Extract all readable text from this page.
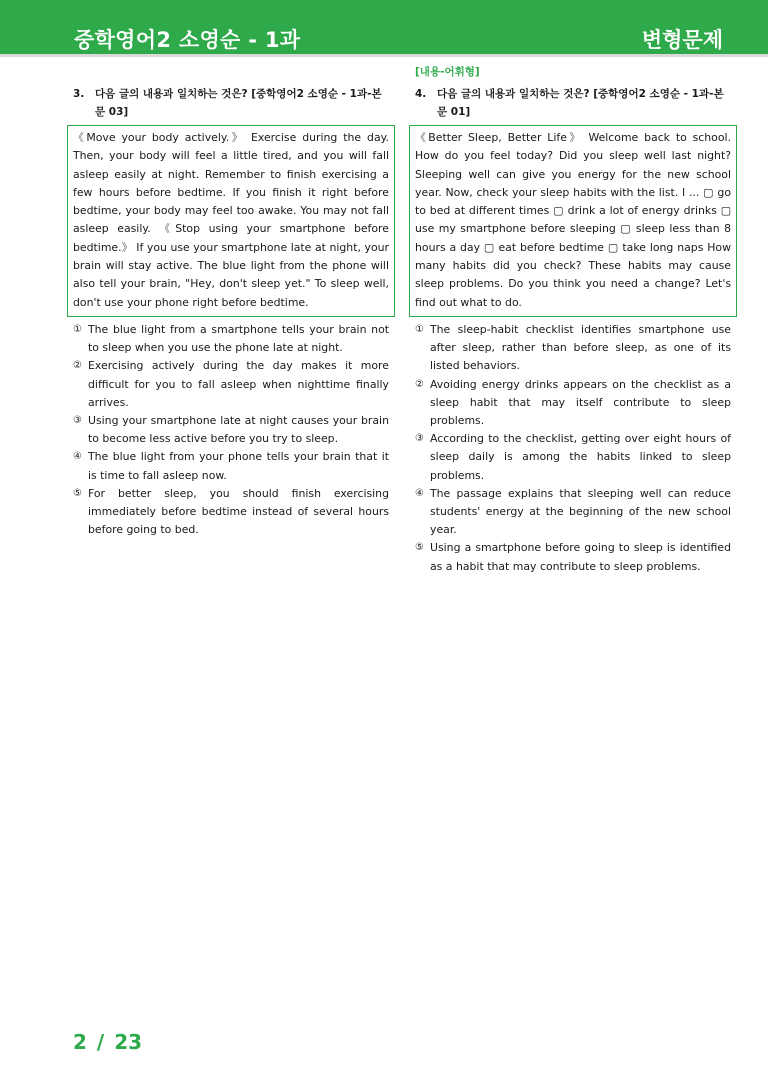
중학영어2 소영순 - 1과	변형문제
3.	다음 글의 내용과 일치하는 것은? [중학영어2 소영순 - 1과-본문 03]
《Move your body actively.》 Exercise during the day. Then, your body will feel a little tired, and you will fall asleep easily at night. Remember to finish exercising a few hours before bedtime. If you finish it right before bedtime, your body may feel too awake. You may not fall asleep easily. 《Stop using your smartphone before bedtime.》 If you use your smartphone late at night, your brain will stay active. The blue light from the phone will also tell your brain, "Hey, don't sleep yet." To sleep well, don't use your phone right before bedtime.
① The blue light from a smartphone tells your brain not to sleep when you use the phone late at night.
② Exercising actively during the day makes it more difficult for you to fall asleep when nighttime finally arrives.
③ Using your smartphone late at night causes your brain to become less active before you try to sleep.
④ The blue light from your phone tells your brain that it is time to fall asleep now.
⑤ For better sleep, you should finish exercising immediately before bedtime instead of several hours before going to bed.
[내용-어휘형]
4.	다음 글의 내용과 일치하는 것은? [중학영어2 소영순 - 1과-본문 01]
《Better Sleep, Better Life》 Welcome back to school. How do you feel today? Did you sleep well last night? Sleeping well can give you energy for the new school year. Now, check your sleep habits with the list. I ... ▢ go to bed at different times ▢ drink a lot of energy drinks ▢ use my smartphone before sleeping ▢ sleep less than 8 hours a day ▢ eat before bedtime ▢ take long naps How many habits did you check? These habits may cause sleep problems. Do you think you need a change? Let's find out what to do.
① The sleep-habit checklist identifies smartphone use after sleep, rather than before sleep, as one of its listed behaviors.
② Avoiding energy drinks appears on the checklist as a sleep habit that may itself contribute to sleep problems.
③ According to the checklist, getting over eight hours of sleep daily is among the habits linked to sleep problems.
④ The passage explains that sleeping well can reduce students' energy at the beginning of the new school year.
⑤ Using a smartphone before going to sleep is identified as a habit that may contribute to sleep problems.
2 / 23
